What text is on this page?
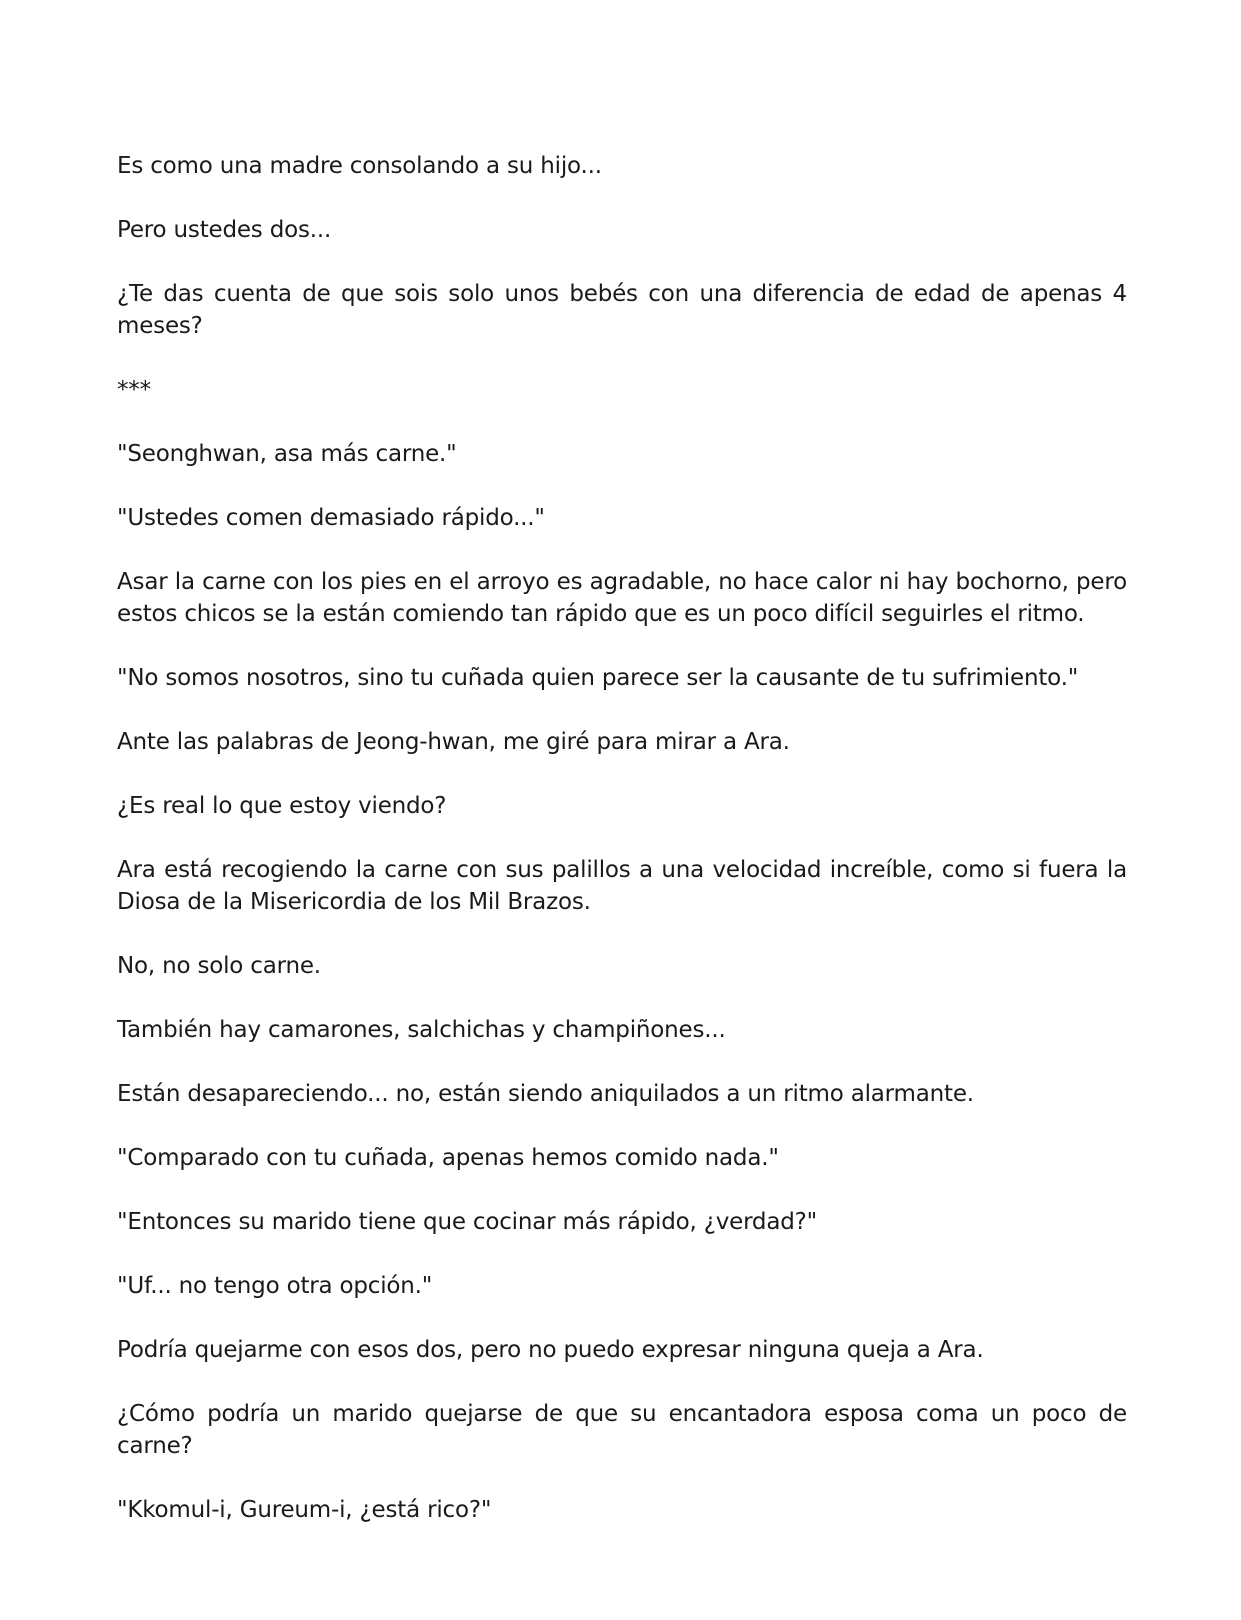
Es como una madre consolando a su hijo...

Pero ustedes dos...

¿Te das cuenta de que sois solo unos bebés con una diferencia de edad de apenas 4 meses?

***

"Seonghwan, asa más carne."

"Ustedes comen demasiado rápido..."

Asar la carne con los pies en el arroyo es agradable, no hace calor ni hay bochorno, pero estos chicos se la están comiendo tan rápido que es un poco difícil seguirles el ritmo.

"No somos nosotros, sino tu cuñada quien parece ser la causante de tu sufrimiento."

Ante las palabras de Jeong-hwan, me giré para mirar a Ara.

¿Es real lo que estoy viendo?

Ara está recogiendo la carne con sus palillos a una velocidad increíble, como si fuera la Diosa de la Misericordia de los Mil Brazos.

No, no solo carne.

También hay camarones, salchichas y champiñones...

Están desapareciendo... no, están siendo aniquilados a un ritmo alarmante.

"Comparado con tu cuñada, apenas hemos comido nada."

"Entonces su marido tiene que cocinar más rápido, ¿verdad?"

"Uf... no tengo otra opción."

Podría quejarme con esos dos, pero no puedo expresar ninguna queja a Ara.

¿Cómo podría un marido quejarse de que su encantadora esposa coma un poco de carne?

"Kkomul-i, Gureum-i, ¿está rico?"
